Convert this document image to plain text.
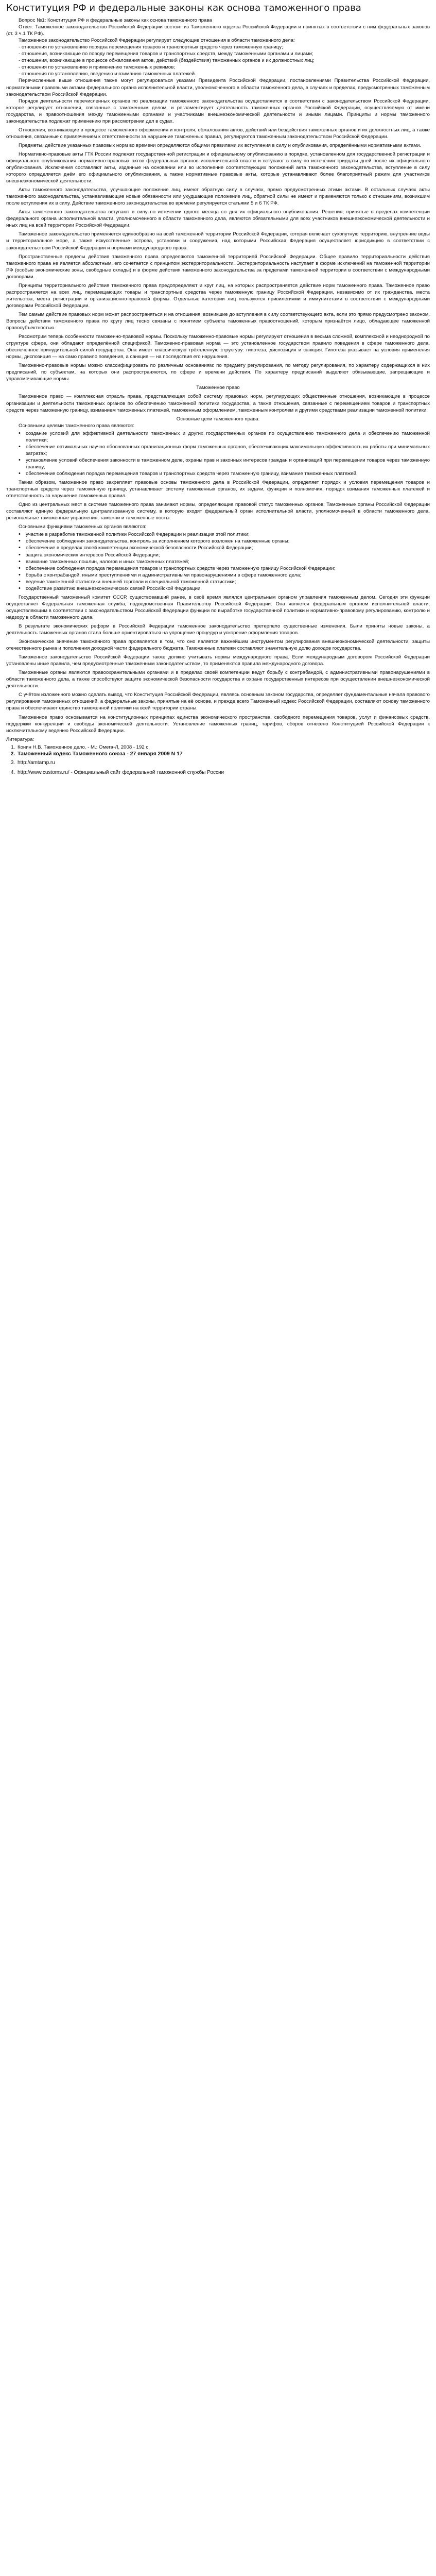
Конституция РФ и федеральные законы как основа таможенного права

Вопрос №1: Конституция РФ и федеральные законы как основа таможенного права

Ответ: Таможенное законодательство Российской Федерации состоит из Таможенного кодекса Российской Федерации и принятых в соответствии с ним федеральных законов (ст. 3 ч.1 ТК РФ).

Таможенное законодательство Российской Федерации регулирует следующие отношения в области таможенного дела:

- отношения по установлению порядка перемещения товаров и транспортных средств через таможенную границу;

- отношения, возникающие по поводу перемещения товаров и транспортных средств, между таможенными органами и лицами;

- отношения, возникающие в процессе обжалования актов, действий (бездействия) таможенных органов и их должностных лиц;

- отношения по установлению и применению таможенных режимов;

- отношения по установлению, введению и взиманию таможенных платежей.

Перечисленные выше отношения также могут регулироваться указами Президента Российской Федерации, постановлениями Правительства Российской Федерации, нормативными правовыми актами федерального органа исполнительной власти, уполномоченного в области таможенного дела, в случаях и пределах, предусмотренных таможенным законодательством Российской Федерации.

Порядок деятельности перечисленных органов по реализации таможенного законодательства осуществляется в соответствии с законодательством Российской Федерации, которое регулирует отношения, связанные с таможенным делом, и регламентирует деятельность таможенных органов Российской Федерации, осуществляемую от имени государства, и правоотношения между таможенными органами и участниками внешнеэкономической деятельности и иными лицами. Принципы и нормы таможенного законодательства подлежат применению при рассмотрении дел в судах.

Отношения, возникающие в процессе таможенного оформления и контроля, обжалования актов, действий или бездействия таможенных органов и их должностных лиц, а также отношения, связанные с привлечением к ответственности за нарушение таможенных правил, регулируются таможенным законодательством Российской Федерации.

Предметы, действие указанных правовых норм во времени определяются общими правилами их вступления в силу и опубликования, определёнными нормативными актами.

Нормативно-правовые акты ГТК России подлежат государственной регистрации и официальному опубликованию в порядке, установленном для государственной регистрации и официального опубликования нормативно-правовых актов федеральных органов исполнительной власти и вступают в силу по истечении тридцати дней после их официального опубликования. Исключения составляют акты, изданные на основании или во исполнение соответствующих положений акта таможенного законодательства, вступление в силу которого определяется днём его официального опубликования, а также нормативные правовые акты, которые устанавливают более благоприятный режим для участников внешнеэкономической деятельности.

Акты таможенного законодательства, улучшающие положение лиц, имеют обратную силу в случаях, прямо предусмотренных этими актами. В остальных случаях акты таможенного законодательства, устанавливающие новые обязанности или ухудшающие положение лиц, обратной силы не имеют и применяются только к отношениям, возникшим после вступления их в силу. Действие таможенного законодательства во времени регулируется статьями 5 и 6 ТК РФ.

Акты таможенного законодательства вступают в силу по истечении одного месяца со дня их официального опубликования. Решения, принятые в пределах компетенции федерального органа исполнительной власти, уполномоченного в области таможенного дела, являются обязательными для всех участников внешнеэкономической деятельности и иных лиц на всей территории Российской Федерации.

Таможенное законодательство применяется единообразно на всей таможенной территории Российской Федерации, которая включает сухопутную территорию, внутренние воды и территориальное море, а также искусственные острова, установки и сооружения, над которыми Российская Федерация осуществляет юрисдикцию в соответствии с законодательством Российской Федерации и нормами международного права.

Пространственные пределы действия таможенного права определяются таможенной территорией Российской Федерации. Общее правило территориальности действия таможенного права не является абсолютным, его сочетается с принципом экстерриториальности. Экстерриториальность наступает в форме исключений на таможенной территории РФ (особые экономические зоны, свободные склады) и в форме действия таможенного законодательства за пределами таможенной территории в соответствии с международными договорами.

Принципы территориального действия таможенного права предопределяют и круг лиц, на которых распространяется действие норм таможенного права. Таможенное право распространяется на всех лиц, перемещающих товары и транспортные средства через таможенную границу Российской Федерации, независимо от их гражданства, места жительства, места регистрации и организационно-правовой формы. Отдельные категории лиц пользуются привилегиями и иммунитетами в соответствии с международными договорами Российской Федерации.

Тем самым действие правовых норм может распространяться и на отношения, возникшие до вступления в силу соответствующего акта, если это прямо предусмотрено законом. Вопросы действия таможенного права по кругу лиц тесно связаны с понятием субъекта таможенных правоотношений, которым признаётся лицо, обладающее таможенной правосубъектностью.

Рассмотрим теперь особенности таможенно-правовой нормы. Поскольку таможенно-правовые нормы регулируют отношения в весьма сложной, комплексной и неоднородной по структуре сфере, они обладают определённой спецификой. Таможенно-правовая норма — это установленное государством правило поведения в сфере таможенного дела, обеспеченное принудительной силой государства. Она имеет классическую трёхчленную структуру: гипотеза, диспозиция и санкция. Гипотеза указывает на условия применения нормы, диспозиция — на само правило поведения, а санкция — на последствия его нарушения.

Таможенно-правовые нормы можно классифицировать по различным основаниям: по предмету регулирования, по методу регулирования, по характеру содержащихся в них предписаний, по субъектам, на которых они распространяются, по сфере и времени действия. По характеру предписаний выделяют обязывающие, запрещающие и управомочивающие нормы.

Таможенное право

Таможенное право — комплексная отрасль права, представляющая собой систему правовых норм, регулирующих общественные отношения, возникающие в процессе организации и деятельности таможенных органов по обеспечению таможенной политики государства, а также отношения, связанные с перемещением товаров и транспортных средств через таможенную границу, взиманием таможенных платежей, таможенным оформлением, таможенным контролем и другими средствами реализации таможенной политики.

Основные цели таможенного права:

Основными целями таможенного права являются:

• создание условий для эффективной деятельности таможенных и других государственных органов по осуществлению таможенного дела и обеспечению таможенной политики;
• обеспечение оптимальных научно обоснованных организационных форм таможенных органов, обеспечивающих максимальную эффективность их работы при минимальных затратах;
• установление условий обеспечения законности в таможенном деле, охраны прав и законных интересов граждан и организаций при перемещении товаров через таможенную границу;
• обеспечение соблюдения порядка перемещения товаров и транспортных средств через таможенную границу, взимание таможенных платежей.

Таким образом, таможенное право закрепляет правовые основы таможенного дела в Российской Федерации, определяет порядок и условия перемещения товаров и транспортных средств через таможенную границу, устанавливает систему таможенных органов, их задачи, функции и полномочия, порядок взимания таможенных платежей и ответственность за нарушение таможенных правил.

Одно из центральных мест в системе таможенного права занимают нормы, определяющие правовой статус таможенных органов. Таможенные органы Российской Федерации составляют единую федеральную централизованную систему, в которую входят федеральный орган исполнительной власти, уполномоченный в области таможенного дела, региональные таможенные управления, таможни и таможенные посты.

Основными функциями таможенных органов являются:

• участие в разработке таможенной политики Российской Федерации и реализация этой политики;
• обеспечение соблюдения законодательства, контроль за исполнением которого возложен на таможенные органы;
• обеспечение в пределах своей компетенции экономической безопасности Российской Федерации;
• защита экономических интересов Российской Федерации;
• взимание таможенных пошлин, налогов и иных таможенных платежей;
• обеспечение соблюдения порядка перемещения товаров и транспортных средств через таможенную границу Российской Федерации;
• борьба с контрабандой, иными преступлениями и административными правонарушениями в сфере таможенного дела;
• ведение таможенной статистики внешней торговли и специальной таможенной статистики;
• содействие развитию внешнеэкономических связей Российской Федерации.

Государственный таможенный комитет СССР, существовавший ранее, в своё время являлся центральным органом управления таможенным делом. Сегодня эти функции осуществляет Федеральная таможенная служба, подведомственная Правительству Российской Федерации. Она является федеральным органом исполнительной власти, осуществляющим в соответствии с законодательством Российской Федерации функции по выработке государственной политики и нормативно-правовому регулированию, контролю и надзору в области таможенного дела.

В результате экономических реформ в Российской Федерации таможенное законодательство претерпело существенные изменения. Были приняты новые законы, а деятельность таможенных органов стала больше ориентироваться на упрощение процедур и ускорение оформления товаров.

Экономическое значение таможенного права проявляется в том, что оно является важнейшим инструментом регулирования внешнеэкономической деятельности, защиты отечественного рынка и пополнения доходной части федерального бюджета. Таможенные платежи составляют значительную долю доходов государства.

Таможенное законодательство Российской Федерации также должно учитывать нормы международного права. Если международным договором Российской Федерации установлены иные правила, чем предусмотренные таможенным законодательством, то применяются правила международного договора.

Таможенные органы являются правоохранительными органами и в пределах своей компетенции ведут борьбу с контрабандой, с административными правонарушениями в области таможенного дела, а также способствуют защите экономической безопасности государства и охране государственных интересов при осуществлении внешнеэкономической деятельности.

С учётом изложенного можно сделать вывод, что Конституция Российской Федерации, являясь основным законом государства, определяет фундаментальные начала правового регулирования таможенных отношений, а федеральные законы, принятые на её основе, и прежде всего Таможенный кодекс Российской Федерации, составляют основу таможенного права и обеспечивают единство таможенной политики на всей территории страны.

Таможенное право основывается на конституционных принципах единства экономического пространства, свободного перемещения товаров, услуг и финансовых средств, поддержки конкуренции и свободы экономической деятельности. Установление таможенных границ, тарифов, сборов отнесено Конституцией Российской Федерации к исключительному ведению Российской Федерации.

Литература:

1. Конин Н.В. Таможенное дело. - М.: Омега-Л, 2008 - 192 с.
2. Таможенный кодекс Таможенного союза - 27 января 2009 N 17
3. http://amtamp.ru
4. http://www.customs.ru/ - Официальный сайт федеральной таможенной службы России
